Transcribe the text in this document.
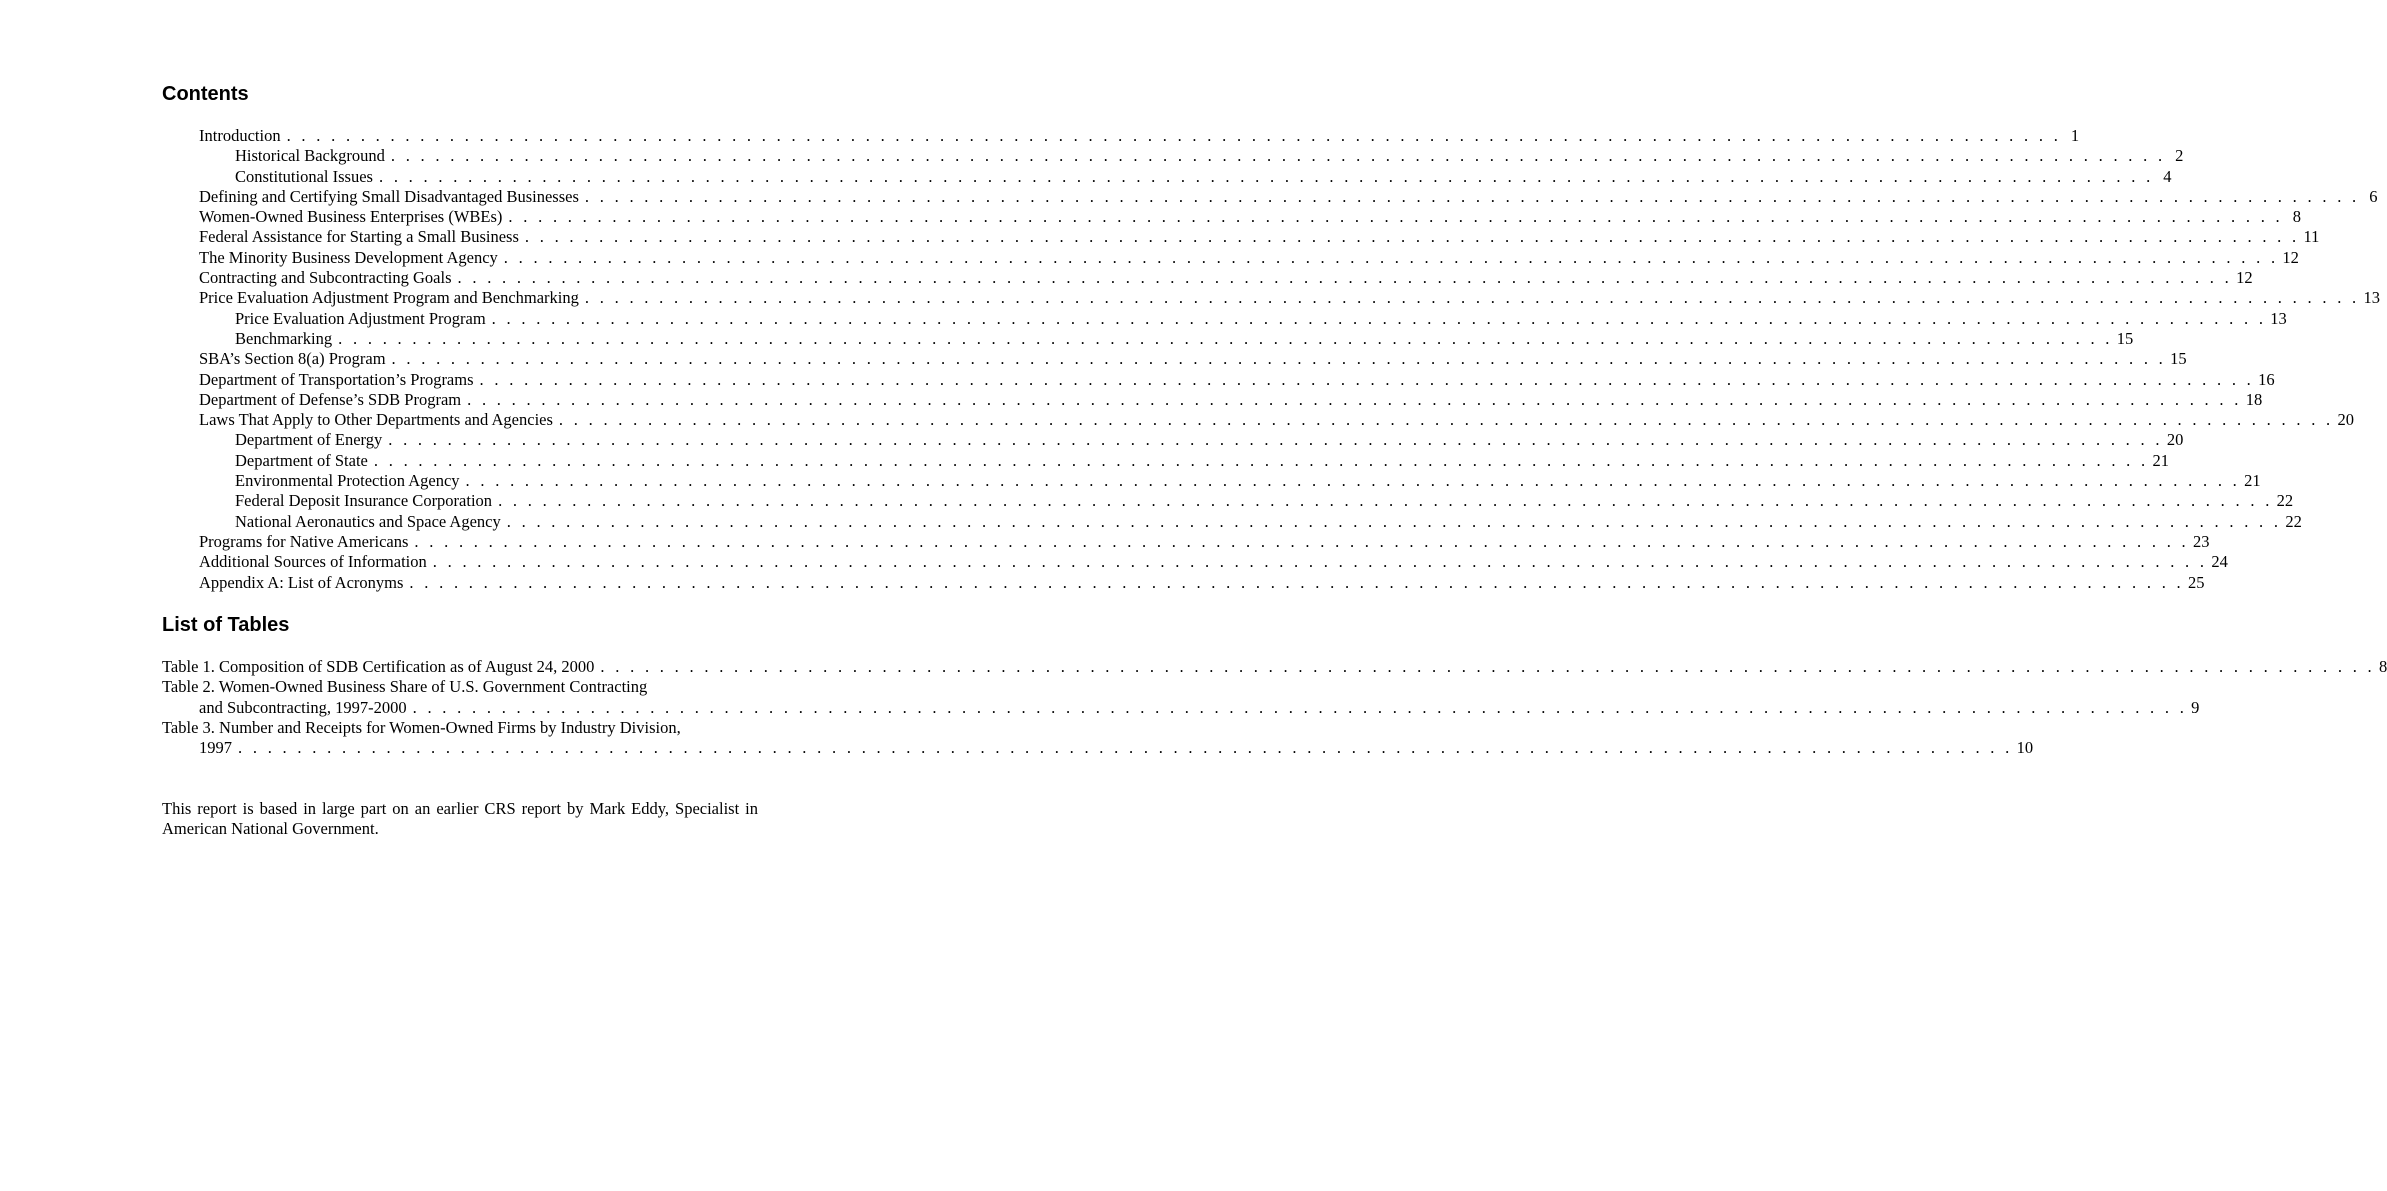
Contents
Introduction . . . . . . . . . . . . . . . . . . . . . . . . . . . . . . . . . . . . . . . . . . . . . . . . . . . . . . . . . . . . . . . . . . . . . . . . . . . . . . . . . . . . . . . . . . . . . . . . . . . . . . . . . . . . . . . . . . . . . . . . 1
Historical Background . . . . . . . . . . . . . . . . . . . . . . . . . . . . . . . . . . . . . . . . . . . . . . . . . . . . . . . . . . . . . . . . . . . . . . . . . . . . . . . . . . . . . . . . . . . . . . . . . . . . . . . . . . . . . . . . . . . . . . . . 2
Constitutional Issues . . . . . . . . . . . . . . . . . . . . . . . . . . . . . . . . . . . . . . . . . . . . . . . . . . . . . . . . . . . . . . . . . . . . . . . . . . . . . . . . . . . . . . . . . . . . . . . . . . . . . . . . . . . . . . . . . . . . . . . . 4
Defining and Certifying Small Disadvantaged Businesses . . . . . . . . . . . . . . . . . . . . . . . . . . . . . . . . . . . . . . . . . . . . . . . . . . . . . . . . . . . . . . . . . . . . . . . . . . . . . . . . . . . . . . . . . . . . . . . . . . . . . . . . . . . . . . . . . . . . . . . . 6
Women-Owned Business Enterprises (WBEs) . . . . . . . . . . . . . . . . . . . . . . . . . . . . . . . . . . . . . . . . . . . . . . . . . . . . . . . . . . . . . . . . . . . . . . . . . . . . . . . . . . . . . . . . . . . . . . . . . . . . . . . . . . . . . . . . . . . . . . . . 8
Federal Assistance for Starting a Small Business . . . . . . . . . . . . . . . . . . . . . . . . . . . . . . . . . . . . . . . . . . . . . . . . . . . . . . . . . . . . . . . . . . . . . . . . . . . . . . . . . . . . . . . . . . . . . . . . . . . . . . . . . . . . . . . . . . . . . . . . 11
The Minority Business Development Agency . . . . . . . . . . . . . . . . . . . . . . . . . . . . . . . . . . . . . . . . . . . . . . . . . . . . . . . . . . . . . . . . . . . . . . . . . . . . . . . . . . . . . . . . . . . . . . . . . . . . . . . . . . . . . . . . . . . . . . . . 12
Contracting and Subcontracting Goals . . . . . . . . . . . . . . . . . . . . . . . . . . . . . . . . . . . . . . . . . . . . . . . . . . . . . . . . . . . . . . . . . . . . . . . . . . . . . . . . . . . . . . . . . . . . . . . . . . . . . . . . . . . . . . . . . . . . . . . . 12
Price Evaluation Adjustment Program and Benchmarking . . . . . . . . . . . . . . . . . . . . . . . . . . . . . . . . . . . . . . . . . . . . . . . . . . . . . . . . . . . . . . . . . . . . . . . . . . . . . . . . . . . . . . . . . . . . . . . . . . . . . . . . . . . . . . . . . . . . . . . . 13
Price Evaluation Adjustment Program . . . . . . . . . . . . . . . . . . . . . . . . . . . . . . . . . . . . . . . . . . . . . . . . . . . . . . . . . . . . . . . . . . . . . . . . . . . . . . . . . . . . . . . . . . . . . . . . . . . . . . . . . . . . . . . . . . . . . . . . 13
Benchmarking . . . . . . . . . . . . . . . . . . . . . . . . . . . . . . . . . . . . . . . . . . . . . . . . . . . . . . . . . . . . . . . . . . . . . . . . . . . . . . . . . . . . . . . . . . . . . . . . . . . . . . . . . . . . . . . . . . . . . . . . 15
SBA’s Section 8(a) Program . . . . . . . . . . . . . . . . . . . . . . . . . . . . . . . . . . . . . . . . . . . . . . . . . . . . . . . . . . . . . . . . . . . . . . . . . . . . . . . . . . . . . . . . . . . . . . . . . . . . . . . . . . . . . . . . . . . . . . . . 15
Department of Transportation’s Programs . . . . . . . . . . . . . . . . . . . . . . . . . . . . . . . . . . . . . . . . . . . . . . . . . . . . . . . . . . . . . . . . . . . . . . . . . . . . . . . . . . . . . . . . . . . . . . . . . . . . . . . . . . . . . . . . . . . . . . . . 16
Department of Defense’s SDB Program . . . . . . . . . . . . . . . . . . . . . . . . . . . . . . . . . . . . . . . . . . . . . . . . . . . . . . . . . . . . . . . . . . . . . . . . . . . . . . . . . . . . . . . . . . . . . . . . . . . . . . . . . . . . . . . . . . . . . . . . 18
Laws That Apply to Other Departments and Agencies . . . . . . . . . . . . . . . . . . . . . . . . . . . . . . . . . . . . . . . . . . . . . . . . . . . . . . . . . . . . . . . . . . . . . . . . . . . . . . . . . . . . . . . . . . . . . . . . . . . . . . . . . . . . . . . . . . . . . . . . 20
Department of Energy . . . . . . . . . . . . . . . . . . . . . . . . . . . . . . . . . . . . . . . . . . . . . . . . . . . . . . . . . . . . . . . . . . . . . . . . . . . . . . . . . . . . . . . . . . . . . . . . . . . . . . . . . . . . . . . . . . . . . . . . 20
Department of State . . . . . . . . . . . . . . . . . . . . . . . . . . . . . . . . . . . . . . . . . . . . . . . . . . . . . . . . . . . . . . . . . . . . . . . . . . . . . . . . . . . . . . . . . . . . . . . . . . . . . . . . . . . . . . . . . . . . . . . . 21
Environmental Protection Agency . . . . . . . . . . . . . . . . . . . . . . . . . . . . . . . . . . . . . . . . . . . . . . . . . . . . . . . . . . . . . . . . . . . . . . . . . . . . . . . . . . . . . . . . . . . . . . . . . . . . . . . . . . . . . . . . . . . . . . . . 21
Federal Deposit Insurance Corporation . . . . . . . . . . . . . . . . . . . . . . . . . . . . . . . . . . . . . . . . . . . . . . . . . . . . . . . . . . . . . . . . . . . . . . . . . . . . . . . . . . . . . . . . . . . . . . . . . . . . . . . . . . . . . . . . . . . . . . . . 22
National Aeronautics and Space Agency . . . . . . . . . . . . . . . . . . . . . . . . . . . . . . . . . . . . . . . . . . . . . . . . . . . . . . . . . . . . . . . . . . . . . . . . . . . . . . . . . . . . . . . . . . . . . . . . . . . . . . . . . . . . . . . . . . . . . . . . 22
Programs for Native Americans . . . . . . . . . . . . . . . . . . . . . . . . . . . . . . . . . . . . . . . . . . . . . . . . . . . . . . . . . . . . . . . . . . . . . . . . . . . . . . . . . . . . . . . . . . . . . . . . . . . . . . . . . . . . . . . . . . . . . . . . 23
Additional Sources of Information . . . . . . . . . . . . . . . . . . . . . . . . . . . . . . . . . . . . . . . . . . . . . . . . . . . . . . . . . . . . . . . . . . . . . . . . . . . . . . . . . . . . . . . . . . . . . . . . . . . . . . . . . . . . . . . . . . . . . . . . 24
Appendix A: List of Acronyms . . . . . . . . . . . . . . . . . . . . . . . . . . . . . . . . . . . . . . . . . . . . . . . . . . . . . . . . . . . . . . . . . . . . . . . . . . . . . . . . . . . . . . . . . . . . . . . . . . . . . . . . . . . . . . . . . . . . . . . . 25
List of Tables
Table 1. Composition of SDB Certification as of August 24, 2000 . . . . . . . . . . . . . . . . . . . . . . . . . . . . . . . . . . . . . . . . . . . . . . . . . . . . . . . . . . . . . . . . . . . . . . . . . . . . . . . . . . . . . . . . . . . . . . . . . . . . . . . . . . . . . . . . . . . . . . . . 8
Table 2. Women-Owned Business Share of U.S. Government Contracting
and Subcontracting, 1997-2000 . . . . . . . . . . . . . . . . . . . . . . . . . . . . . . . . . . . . . . . . . . . . . . . . . . . . . . . . . . . . . . . . . . . . . . . . . . . . . . . . . . . . . . . . . . . . . . . . . . . . . . . . . . . . . . . . . . . . . . . . 9
Table 3. Number and Receipts for Women-Owned Firms by Industry Division,
1997 . . . . . . . . . . . . . . . . . . . . . . . . . . . . . . . . . . . . . . . . . . . . . . . . . . . . . . . . . . . . . . . . . . . . . . . . . . . . . . . . . . . . . . . . . . . . . . . . . . . . . . . . . . . . . . . . . . . . . . . . 10

This report is based in large part on an earlier CRS report by Mark Eddy, Specialist in American National Government.
